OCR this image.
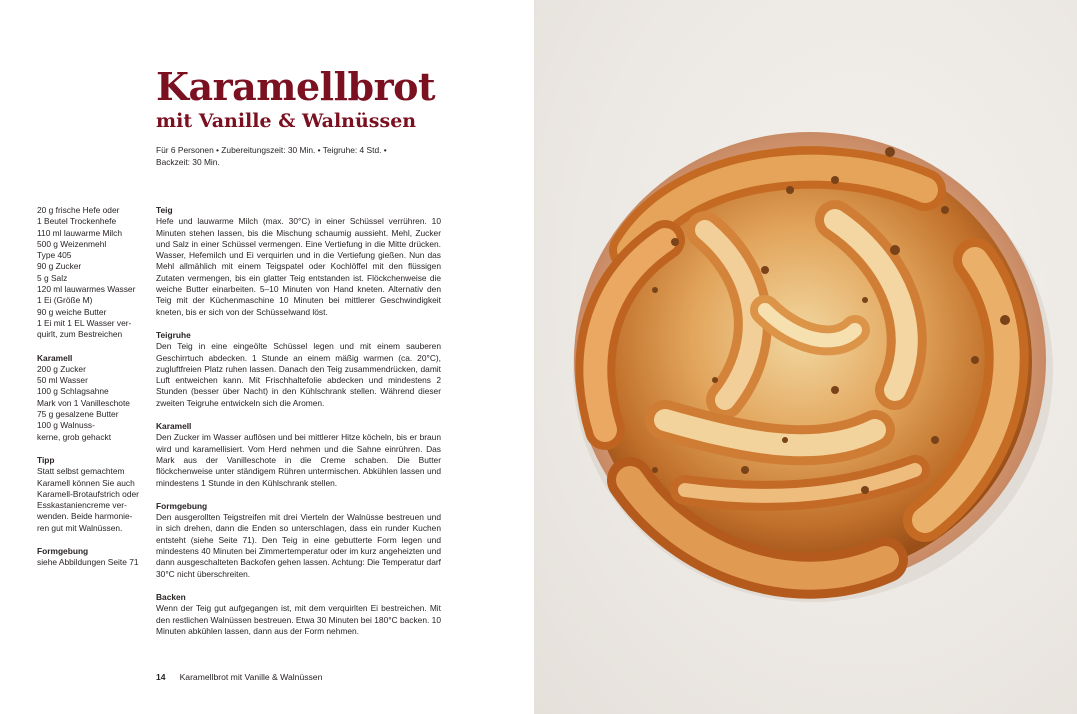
Karamellbrot
mit Vanille & Walnüssen
Für 6 Personen • Zubereitungszeit: 30 Min. • Teigruhe: 4 Std. •
Backzeit: 30 Min.
20 g frische Hefe oder
1 Beutel Trockenhefe
110 ml lauwarme Milch
500 g Weizenmehl
Type 405
90 g Zucker
5 g Salz
120 ml lauwarmes Wasser
1 Ei (Größe M)
90 g weiche Butter
1 Ei mit 1 EL Wasser ver-
quirlt, zum Bestreichen
Karamell
200 g Zucker
50 ml Wasser
100 g Schlagsahne
Mark von 1 Vanilleschote
75 g gesalzene Butter
100 g Walnuss-
kerne, grob gehackt
Tipp
Statt selbst gemachtem
Karamell können Sie auch
Karamell-Brotaufstrich oder
Esskastaniencreme ver-
wenden. Beide harmonie-
ren gut mit Walnüssen.
Formgebung
siehe Abbildungen Seite 71
Teig
Hefe und lauwarme Milch (max. 30°C) in einer Schüssel verrühren. 10 Minuten stehen lassen, bis die Mischung schaumig aussieht. Mehl, Zucker und Salz in einer Schüssel vermengen. Eine Vertiefung in die Mitte drücken. Wasser, Hefemilch und Ei verquirlen und in die Vertiefung gießen. Nun das Mehl allmählich mit einem Teigspatel oder Kochlöffel mit den flüssigen Zutaten vermengen, bis ein glatter Teig entstanden ist. Flöckchenweise die weiche Butter einarbeiten. 5–10 Minuten von Hand kneten. Alternativ den Teig mit der Küchenmaschine 10 Minuten bei mittlerer Geschwindigkeit kneten, bis er sich von der Schüsselwand löst.
Teigruhe
Den Teig in eine eingeölte Schüssel legen und mit einem sauberen Geschirrtuch abdecken. 1 Stunde an einem mäßig warmen (ca. 20°C), zugluftfreien Platz ruhen lassen. Danach den Teig zusammendrücken, damit Luft entweichen kann. Mit Frischhaltefolie abdecken und mindestens 2 Stunden (besser über Nacht) in den Kühlschrank stellen. Während dieser zweiten Teigruhe entwickeln sich die Aromen.
Karamell
Den Zucker im Wasser auflösen und bei mittlerer Hitze köcheln, bis er braun wird und karamellisiert. Vom Herd nehmen und die Sahne einrühren. Das Mark aus der Vanilleschote in die Creme schaben. Die Butter flöckchenweise unter ständigem Rühren untermischen. Abkühlen lassen und mindestens 1 Stunde in den Kühlschrank stellen.
Formgebung
Den ausgerollten Teigstreifen mit drei Vierteln der Walnüsse bestreuen und in sich drehen, dann die Enden so unterschlagen, dass ein runder Kuchen entsteht (siehe Seite 71). Den Teig in eine gebutterte Form legen und mindestens 40 Minuten bei Zimmertemperatur oder im kurz angeheizten und dann ausgeschalteten Backofen gehen lassen. Achtung: Die Temperatur darf 30°C nicht überschreiten.
Backen
Wenn der Teig gut aufgegangen ist, mit dem verquirlten Ei bestreichen. Mit den restlichen Walnüssen bestreuen. Etwa 30 Minuten bei 180°C backen. 10 Minuten abkühlen lassen, dann aus der Form nehmen.
14 Karamellbrot mit Vanille & Walnüssen
